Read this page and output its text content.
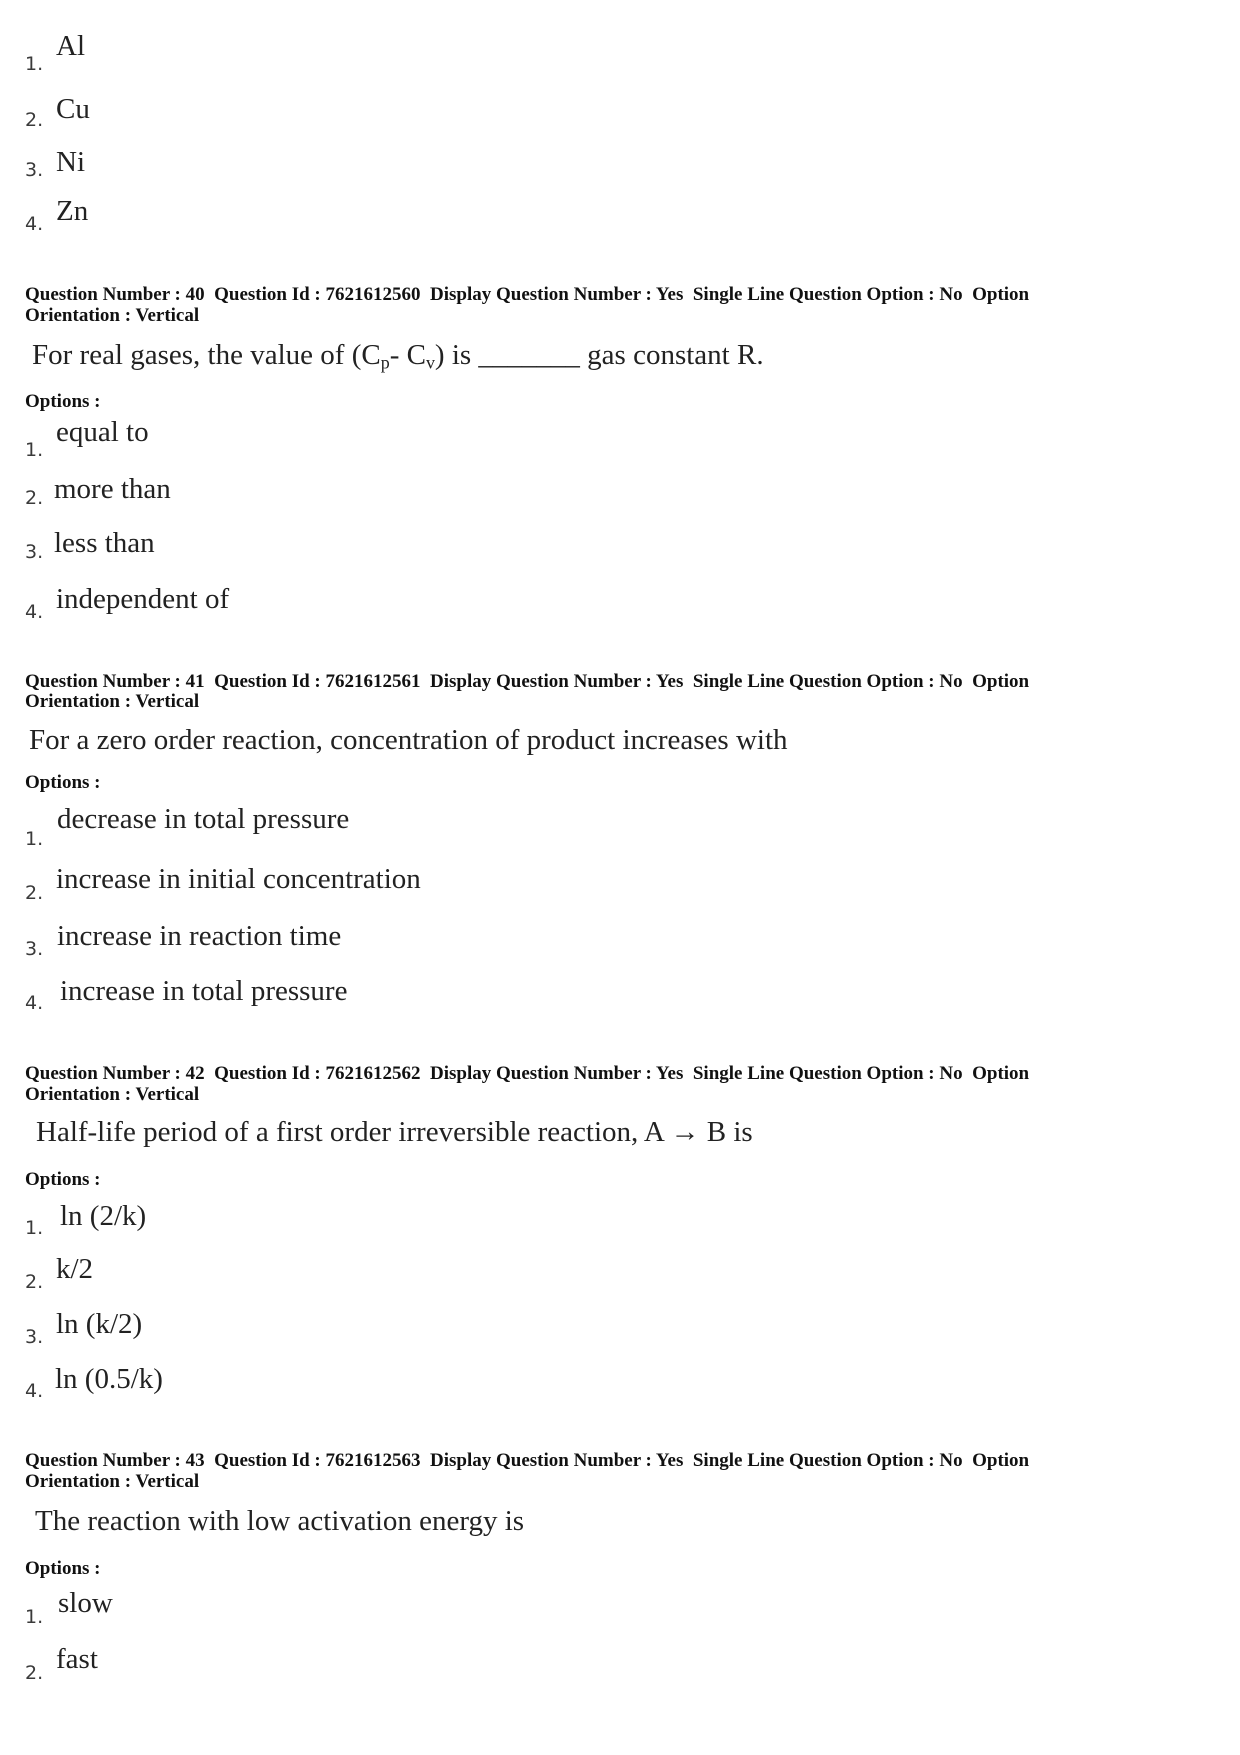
1.
Al
2. Cu
3. Ni
4. Zn
Question Number : 40  Question Id : 7621612560  Display Question Number : Yes  Single Line Question Option : No  Option
Orientation : Vertical
For real gases, the value of ($C_p-$ $C_v$) is _______ gas constant R.
Options :
1.
equal to
2. more than
3. less than
4. independent of
Question Number : 41  Question Id : 7621612561  Display Question Number : Yes  Single Line Question Option : No  Option
Orientation : Vertical
For a zero order reaction, concentration of product increases with
Options :
1.
decrease in total pressure
2. increase in initial concentration
3. increase in reaction time
4. increase in total pressure
Question Number : 42  Question Id : 7621612562  Display Question Number : Yes  Single Line Question Option : No  Option
Orientation : Vertical
Half-life period of a first order irreversible reaction, A → B is
Options :
1. ln (2/k)
2. k/2
3. ln (k/2)
4. ln (0.5/k)
Question Number : 43  Question Id : 7621612563  Display Question Number : Yes  Single Line Question Option : No  Option
Orientation : Vertical
The reaction with low activation energy is
Options :
1. slow
2. fast
